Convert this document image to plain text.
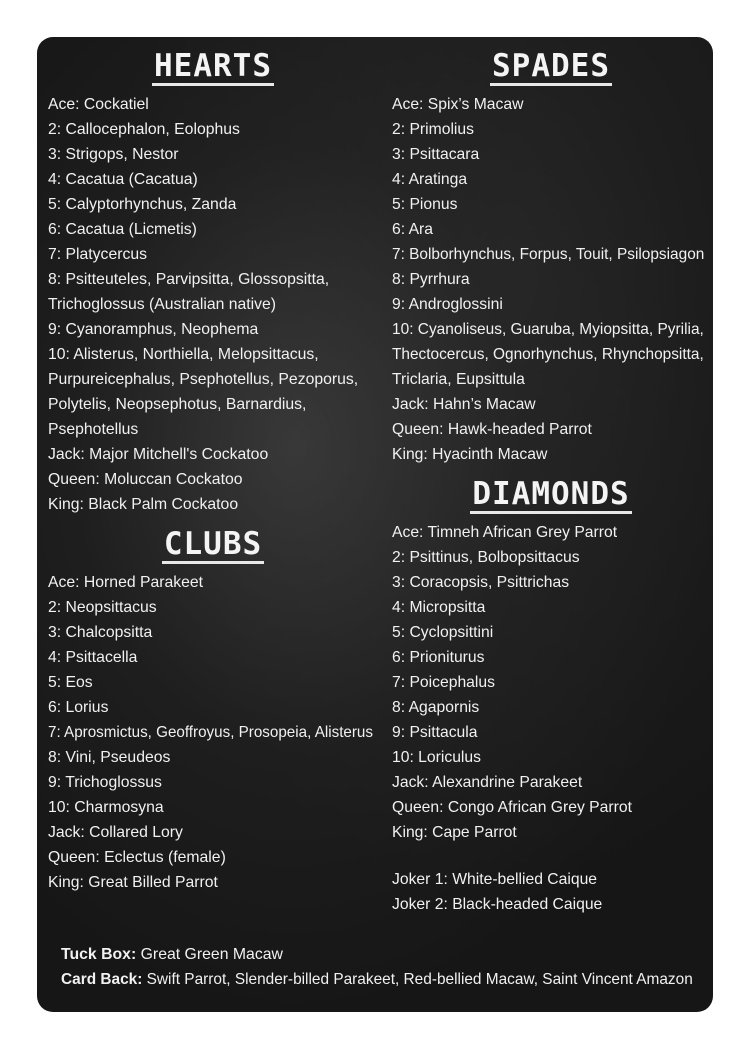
HEARTS
Ace: Cockatiel
2: Callocephalon, Eolophus
3: Strigops, Nestor
4: Cacatua (Cacatua)
5: Calyptorhynchus, Zanda
6: Cacatua (Licmetis)
7: Platycercus
8: Psitteuteles, Parvipsitta, Glossopsitta,
Trichoglossus (Australian native)
9: Cyanoramphus, Neophema
10: Alisterus, Northiella, Melopsittacus,
Purpureicephalus, Psephotellus, Pezoporus,
Polytelis, Neopsephotus, Barnardius,
Psephotellus
Jack: Major Mitchell's Cockatoo
Queen: Moluccan Cockatoo
King: Black Palm Cockatoo
CLUBS
Ace: Horned Parakeet
2: Neopsittacus
3: Chalcopsitta
4: Psittacella
5: Eos
6: Lorius
7: Aprosmictus, Geoffroyus, Prosopeia, Alisterus
8: Vini, Pseudeos
9: Trichoglossus
10: Charmosyna
Jack: Collared Lory
Queen: Eclectus (female)
King: Great Billed Parrot
SPADES
Ace: Spix’s Macaw
2: Primolius
3: Psittacara
4: Aratinga
5: Pionus
6: Ara
7: Bolborhynchus, Forpus, Touit, Psilopsiagon
8: Pyrrhura
9: Androglossini
10: Cyanoliseus, Guaruba, Myiopsitta, Pyrilia,
Thectocercus, Ognorhynchus, Rhynchopsitta,
Triclaria, Eupsittula
Jack: Hahn’s Macaw
Queen: Hawk-headed Parrot
King: Hyacinth Macaw
DIAMONDS
Ace: Timneh African Grey Parrot
2: Psittinus, Bolbopsittacus
3: Coracopsis, Psittrichas
4: Micropsitta
5: Cyclopsittini
6: Prioniturus
7: Poicephalus
8: Agapornis
9: Psittacula
10: Loriculus
Jack: Alexandrine Parakeet
Queen: Congo African Grey Parrot
King: Cape Parrot
Joker 1: White-bellied Caique
Joker 2: Black-headed Caique
Tuck Box: Great Green Macaw
Card Back: Swift Parrot, Slender-billed Parakeet, Red-bellied Macaw, Saint Vincent Amazon
